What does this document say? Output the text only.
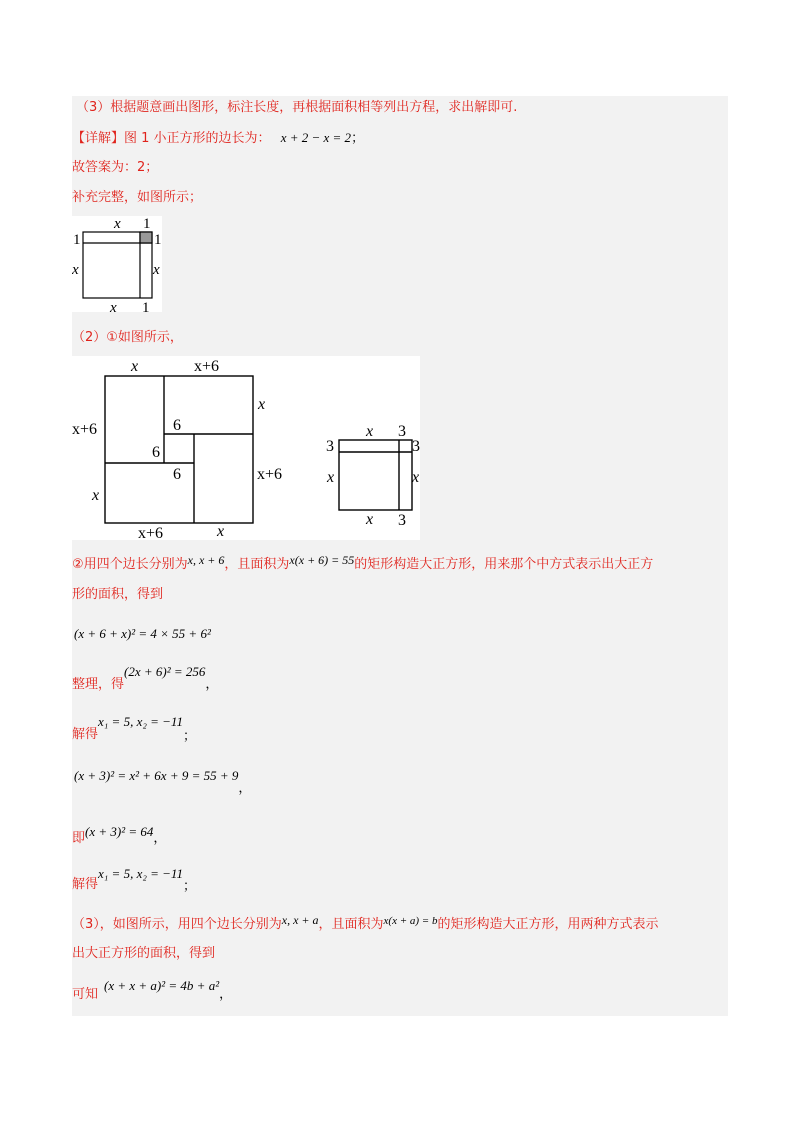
（3）根据题意画出图形，标注长度，再根据面积相等列出方程，求出解即可.
【详解】图 1 小正方形的边长为： x + 2 − x = 2；
故答案为：2；
补充完整，如图所示；
x 1
1	1
x	x
x 1
（2）①如图所示，
x	x+6
x
x+6
x+6
x
x+6	x
6
6
6
x 3
3	3
x	x
x 3
②用四个边长分别为x, x + 6，且面积为x(x + 6) = 55的矩形构造大正方形，用来那个中方式表示出大正方
形的面积，得到
(x + 6 + x)² = 4 × 55 + 6²
整理，得(2x + 6)² = 256，
解得x₁ = 5, x₂ = −11；
(x + 3)² = x² + 6x + 9 = 55 + 9，
即(x + 3)² = 64，
解得x₁ = 5, x₂ = −11；
（3），如图所示，用四个边长分别为x, x + a，且面积为$^{x(x + a) = b}$的矩形构造大正方形，用两种方式表示
出大正方形的面积，得到
可知(x + x + a)² = 4b + a²，
